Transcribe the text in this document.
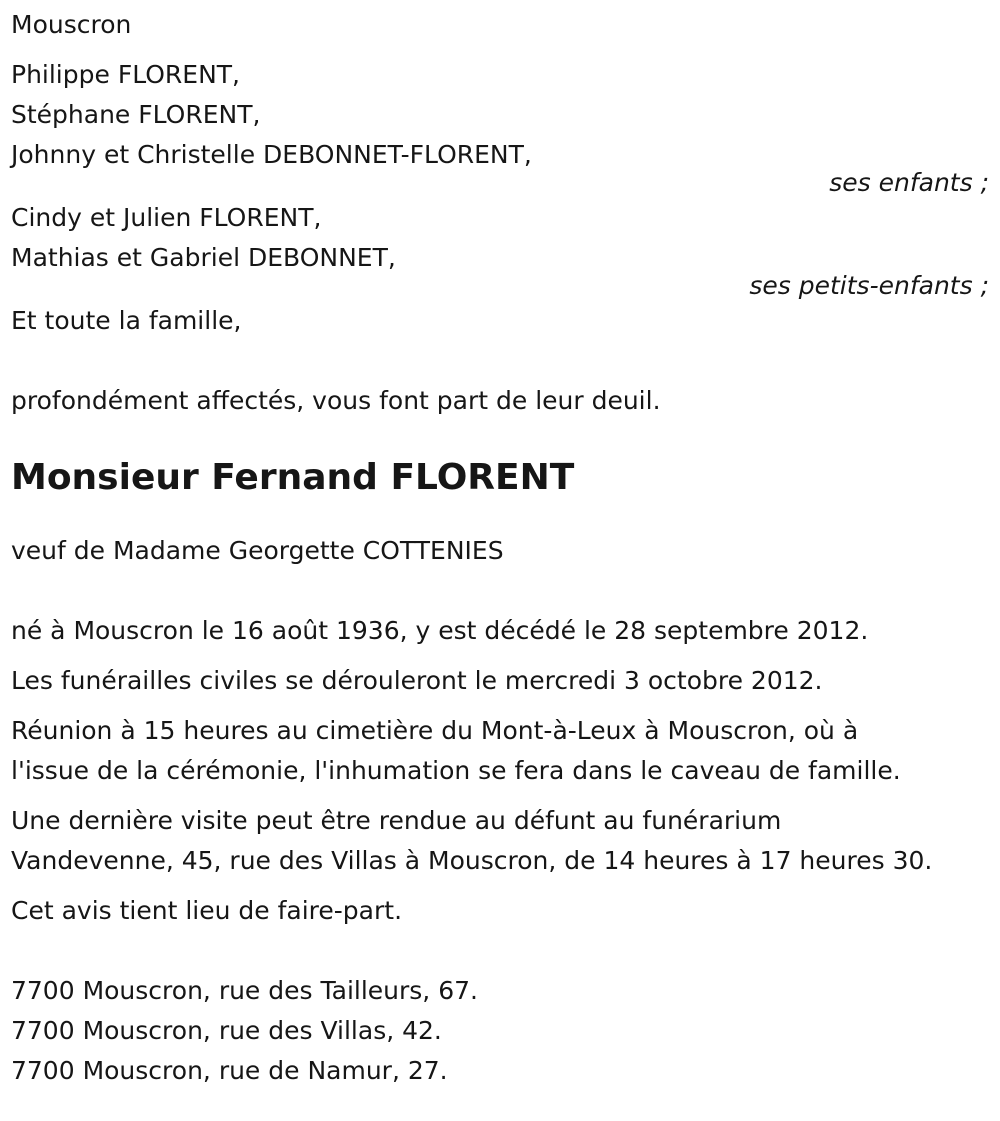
Mouscron
Philippe FLORENT,
Stéphane FLORENT,
Johnny et Christelle DEBONNET-FLORENT,
ses enfants ;
Cindy et Julien FLORENT,
Mathias et Gabriel DEBONNET,
ses petits-enfants ;
Et toute la famille,
profondément affectés, vous font part de leur deuil.
Monsieur Fernand FLORENT
veuf de Madame Georgette COTTENIES
né à Mouscron le 16 août 1936, y est décédé le 28 septembre 2012.
Les funérailles civiles se dérouleront le mercredi 3 octobre 2012.
Réunion à 15 heures au cimetière du Mont-à-Leux à Mouscron, où à
l'issue de la cérémonie, l'inhumation se fera dans le caveau de famille.
Une dernière visite peut être rendue au défunt au funérarium
Vandevenne, 45, rue des Villas à Mouscron, de 14 heures à 17 heures 30.
Cet avis tient lieu de faire-part.
7700 Mouscron, rue des Tailleurs, 67.
7700 Mouscron, rue des Villas, 42.
7700 Mouscron, rue de Namur, 27.
